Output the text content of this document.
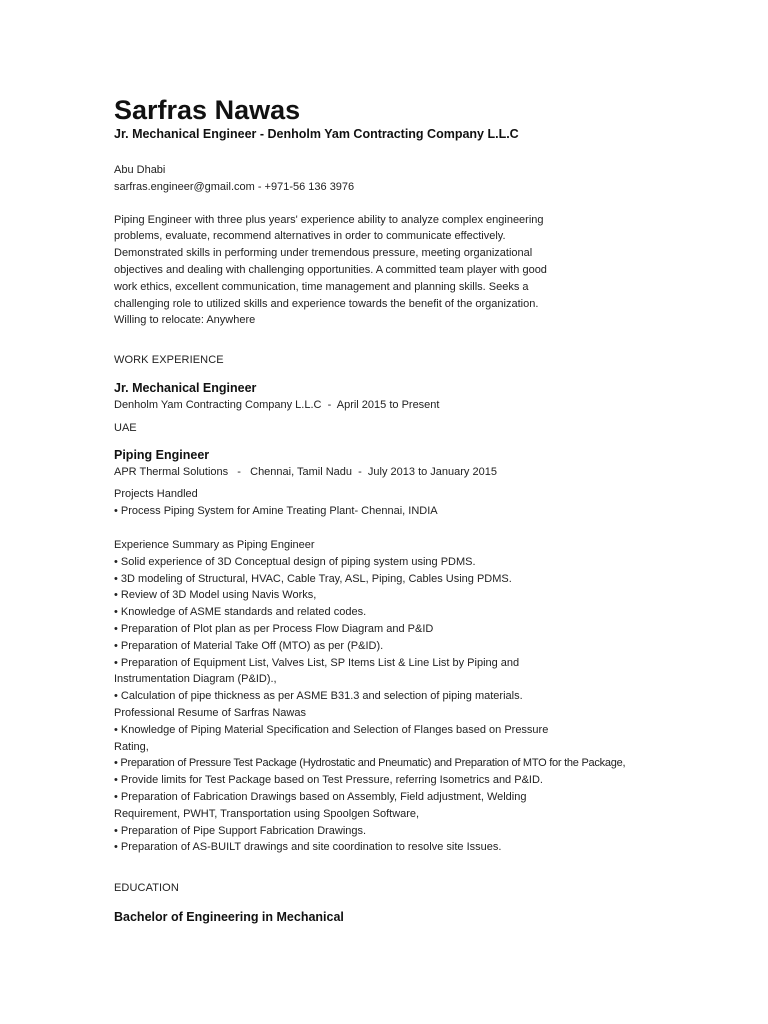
Sarfras Nawas
Jr. Mechanical Engineer - Denholm Yam Contracting Company L.L.C
Abu Dhabi
sarfras.engineer@gmail.com - +971-56 136 3976
Piping Engineer with three plus years' experience ability to analyze complex engineering
problems, evaluate, recommend alternatives in order to communicate effectively.
Demonstrated skills in performing under tremendous pressure, meeting organizational
objectives and dealing with challenging opportunities. A committed team player with good
work ethics, excellent communication, time management and planning skills. Seeks a
challenging role to utilized skills and experience towards the benefit of the organization.
Willing to relocate: Anywhere
WORK EXPERIENCE
Jr. Mechanical Engineer
Denholm Yam Contracting Company L.L.C  -  April 2015 to Present
UAE
Piping Engineer
APR Thermal Solutions   -   Chennai, Tamil Nadu  -  July 2013 to January 2015
Projects Handled
• Process Piping System for Amine Treating Plant- Chennai, INDIA
Experience Summary as Piping Engineer
• Solid experience of 3D Conceptual design of piping system using PDMS.
• 3D modeling of Structural, HVAC, Cable Tray, ASL, Piping, Cables Using PDMS.
• Review of 3D Model using Navis Works,
• Knowledge of ASME standards and related codes.
• Preparation of Plot plan as per Process Flow Diagram and P&ID
• Preparation of Material Take Off (MTO) as per (P&ID).
• Preparation of Equipment List, Valves List, SP Items List & Line List by Piping and
Instrumentation Diagram (P&ID).,
• Calculation of pipe thickness as per ASME B31.3 and selection of piping materials.
Professional Resume of Sarfras Nawas
• Knowledge of Piping Material Specification and Selection of Flanges based on Pressure
Rating,
• Preparation of Pressure Test Package (Hydrostatic and Pneumatic) and Preparation of MTO for the Package,
• Provide limits for Test Package based on Test Pressure, referring Isometrics and P&ID.
• Preparation of Fabrication Drawings based on Assembly, Field adjustment, Welding
Requirement, PWHT, Transportation using Spoolgen Software,
• Preparation of Pipe Support Fabrication Drawings.
• Preparation of AS-BUILT drawings and site coordination to resolve site Issues.
EDUCATION
Bachelor of Engineering in Mechanical
